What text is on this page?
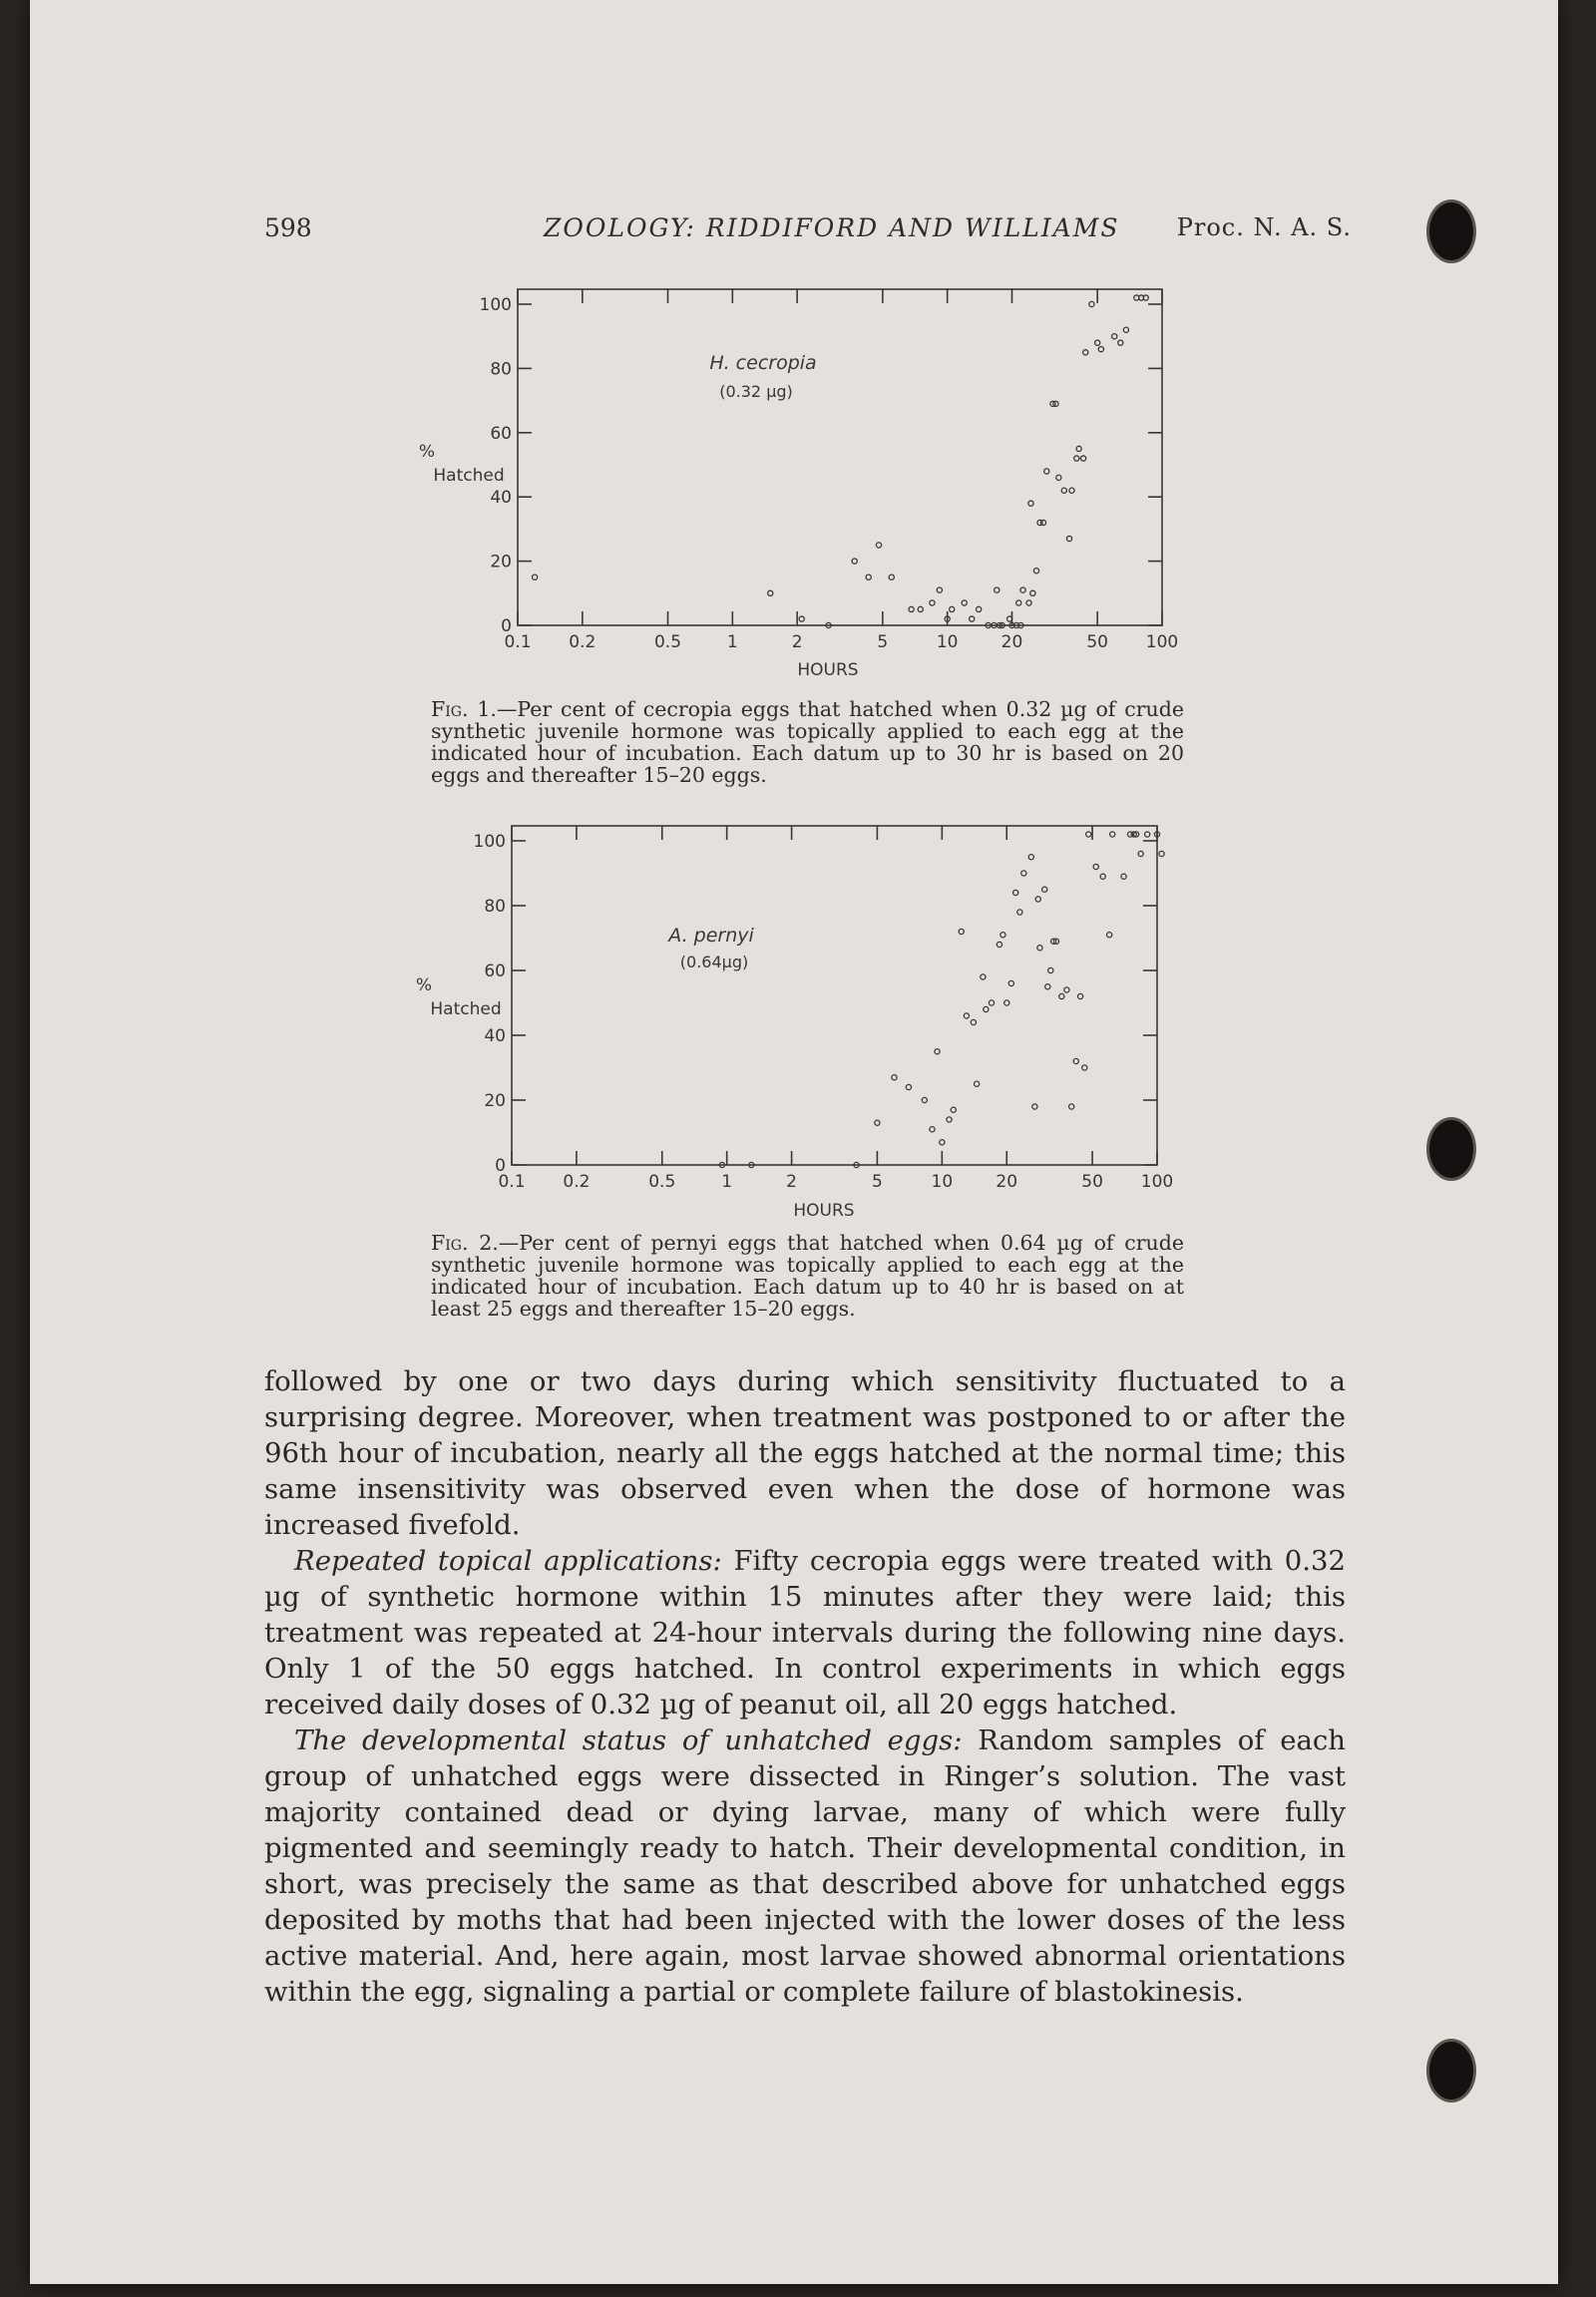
598	ZOOLOGY: RIDDIFORD AND WILLIAMS Proc. N. A. S.
H. cecropia
(0.32 µg)
%
Hatched
HOURS
0
20
40
60
80
100
0.1 0.2	0.5	1	2	5	10	20	50 100
Fig. 1.—Per cent of cecropia eggs that hatched when 0.32 µg of crude synthetic juvenile hormone was topically applied to each egg at the indicated hour of incubation. Each datum up to 30 hr is based on 20 eggs and thereafter 15–20 eggs.
A. pernyi
(0.64µg)
%
Hatched
HOURS
0
20
40
60
80
100
0.1 0.2	0.5	1	2	5	10	20	50 100
Fig. 2.—Per cent of pernyi eggs that hatched when 0.64 µg of crude synthetic juvenile hormone was topically applied to each egg at the indicated hour of incubation. Each datum up to 40 hr is based on at least 25 eggs and thereafter 15–20 eggs.

followed by one or two days during which sensitivity fluctuated to a surprising degree. Moreover, when treatment was postponed to or after the 96th hour of incubation, nearly all the eggs hatched at the normal time; this same insensitivity was observed even when the dose of hormone was increased fivefold.

Repeated topical applications: Fifty cecropia eggs were treated with 0.32 µg of synthetic hormone within 15 minutes after they were laid; this treatment was repeated at 24-hour intervals during the following nine days. Only 1 of the 50 eggs hatched. In control experiments in which eggs received daily doses of 0.32 µg of peanut oil, all 20 eggs hatched.

The developmental status of unhatched eggs: Random samples of each group of unhatched eggs were dissected in Ringer’s solution. The vast majority contained dead or dying larvae, many of which were fully pigmented and seemingly ready to hatch. Their developmental condition, in short, was precisely the same as that described above for unhatched eggs deposited by moths that had been injected with the lower doses of the less active material. And, here again, most larvae showed abnormal orientations within the egg, signaling a partial or complete failure of blastokinesis.
